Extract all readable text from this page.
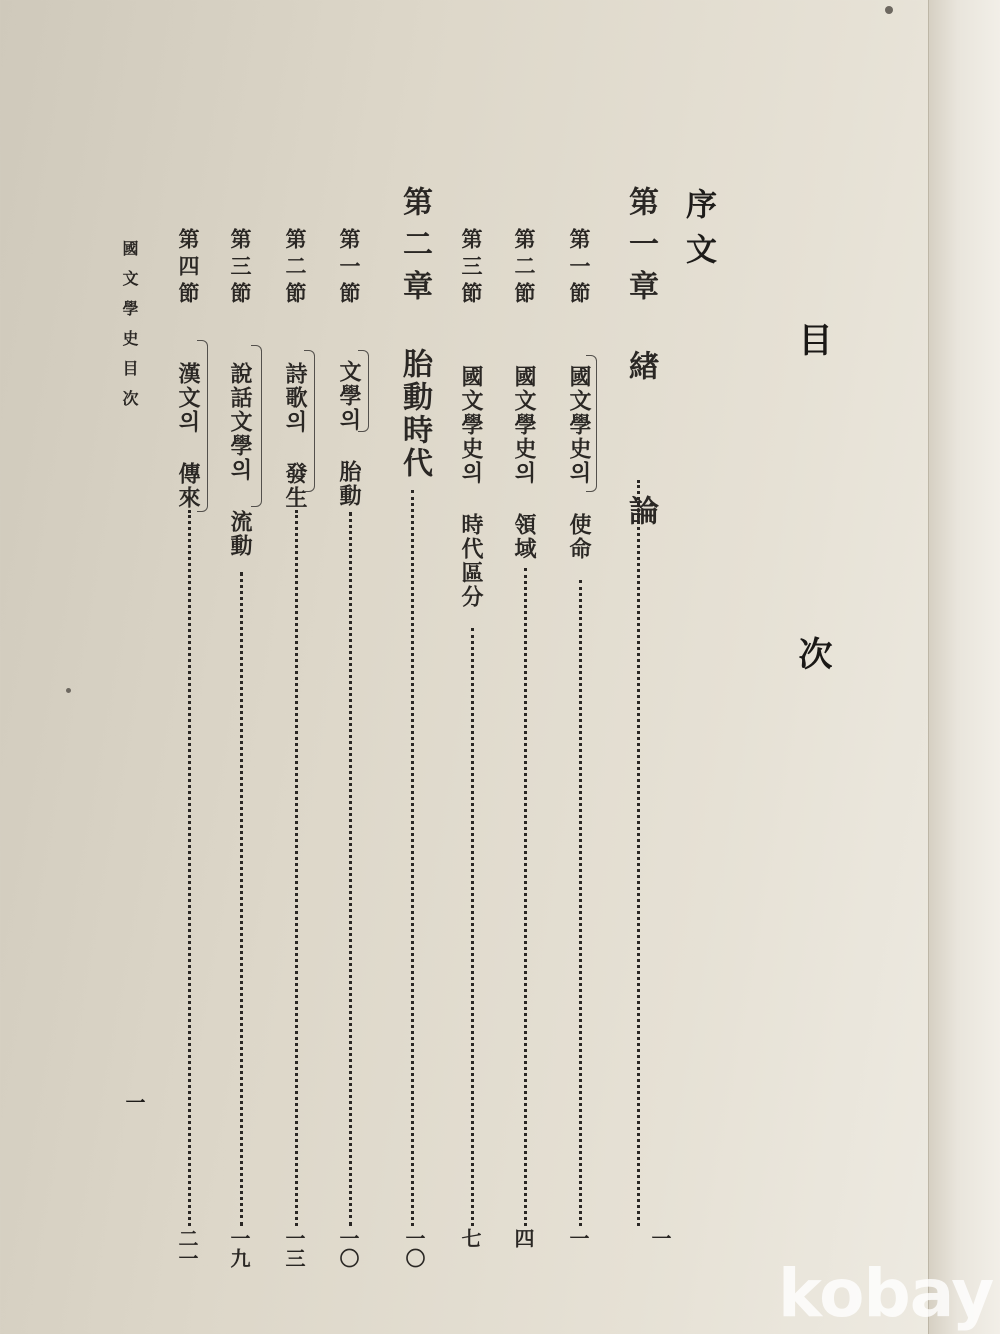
目 次
序文
第一章
緖 論
一
第一節
國文學史의 使命
一
第二節
國文學史의 領域
四
第三節
國文學史의 時代區分
七
第二章
胎動時代
一〇
第一節
文學의 胎動
一〇
第二節
詩歌의 發生
一三
第三節
說話文學의 流動
一九
第四節
漢文의 傳來
二一
國文學史目次
一
kobay
